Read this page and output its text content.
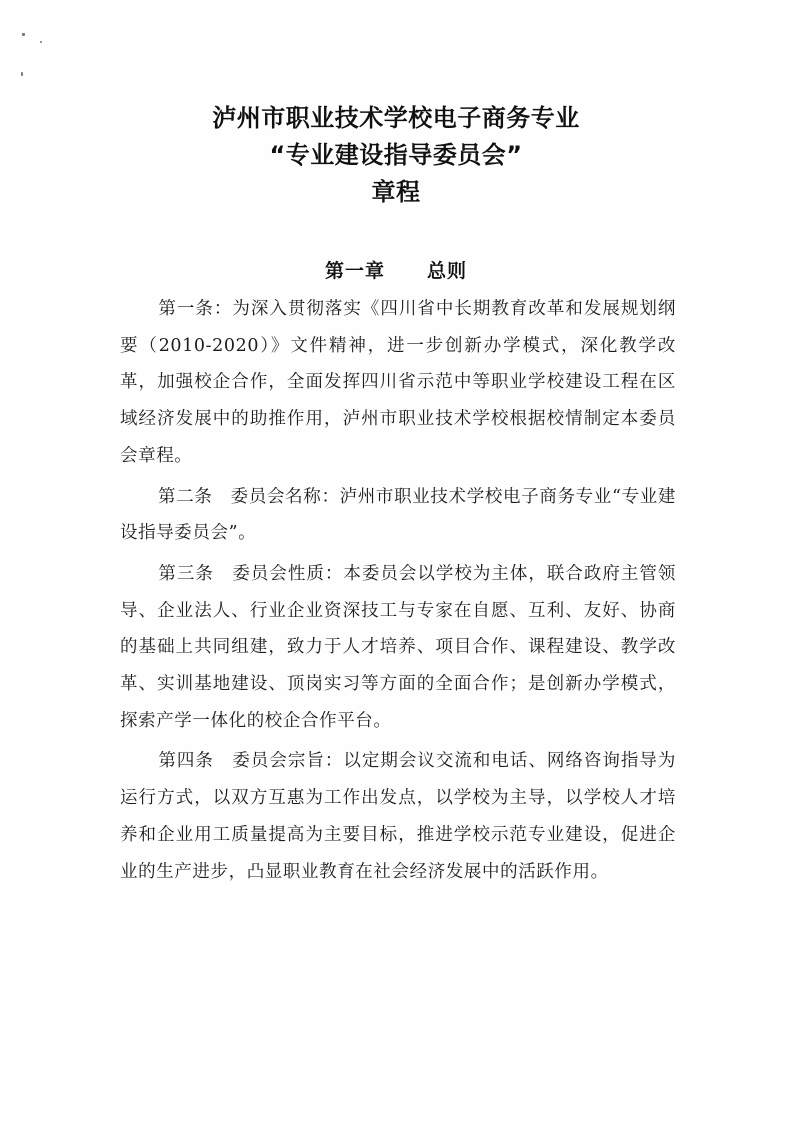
泸州市职业技术学校电子商务专业
“专业建设指导委员会”
章程
第一章 总则

第一条：为深入贯彻落实《四川省中长期教育改革和发展规划纲要（2010-2020）》文件精神，进一步创新办学模式，深化教学改革，加强校企合作，全面发挥四川省示范中等职业学校建设工程在区域经济发展中的助推作用，泸州市职业技术学校根据校情制定本委员会章程。

第二条　委员会名称：泸州市职业技术学校电子商务专业“专业建设指导委员会”。

第三条　委员会性质：本委员会以学校为主体，联合政府主管领导、企业法人、行业企业资深技工与专家在自愿、互利、友好、协商的基础上共同组建，致力于人才培养、项目合作、课程建设、教学改革、实训基地建设、顶岗实习等方面的全面合作；是创新办学模式，探索产学一体化的校企合作平台。

第四条　委员会宗旨：以定期会议交流和电话、网络咨询指导为运行方式，以双方互惠为工作出发点，以学校为主导，以学校人才培养和企业用工质量提高为主要目标，推进学校示范专业建设，促进企业的生产进步，凸显职业教育在社会经济发展中的活跃作用。
